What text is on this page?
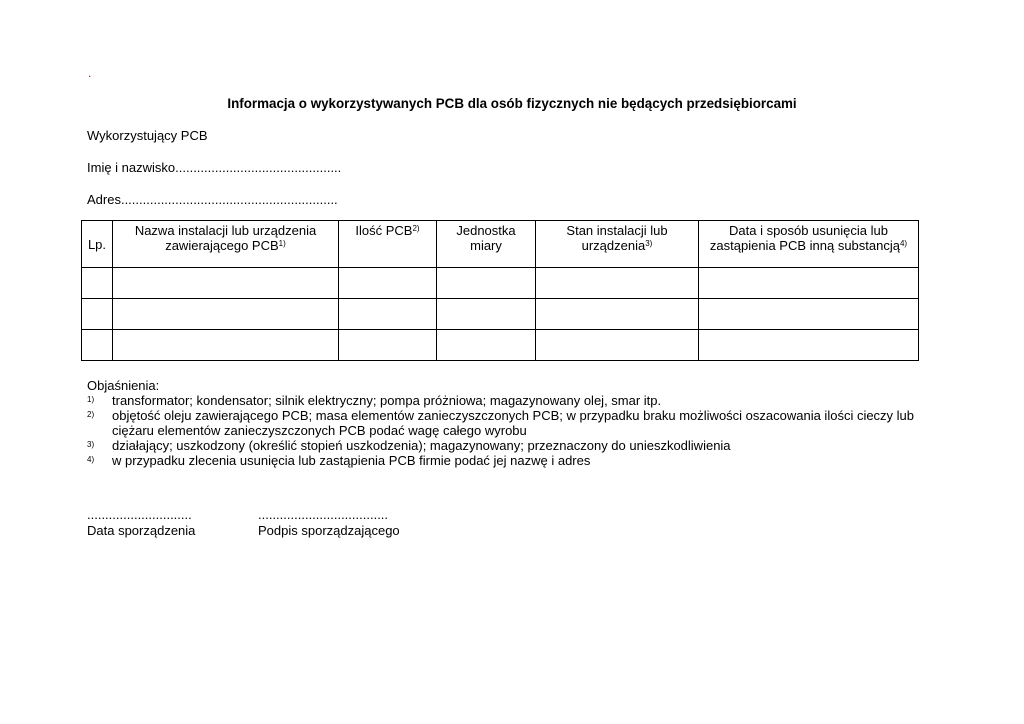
.
Informacja o wykorzystywanych PCB dla osób fizycznych nie będących przedsiębiorcami
Wykorzystujący PCB
Imię i nazwisko..............................................
Adres............................................................
Lp.	Nazwa instalacji lub urządzenia zawierającego PCB$^{1)}$	Ilość PCB$^{2)}$	Jednostka miary	Stan instalacji lub urządzenia$^{3)}$	Data i sposób usunięcia lub zastąpienia PCB inną substancją$^{4)}$

Objaśnienia:
1) transformator; kondensator; silnik elektryczny; pompa próżniowa; magazynowany olej, smar itp.
2) objętość oleju zawierającego PCB; masa elementów zanieczyszczonych PCB; w przypadku braku możliwości oszacowania ilości cieczy lub ciężaru elementów zanieczyszczonych PCB podać wagę całego wyrobu
3) działający; uszkodzony (określić stopień uszkodzenia); magazynowany; przeznaczony do unieszkodliwienia
4) w przypadku zlecenia usunięcia lub zastąpienia PCB firmie podać jej nazwę i adres
.............................
Data sporządzenia
....................................
Podpis sporządzającego
